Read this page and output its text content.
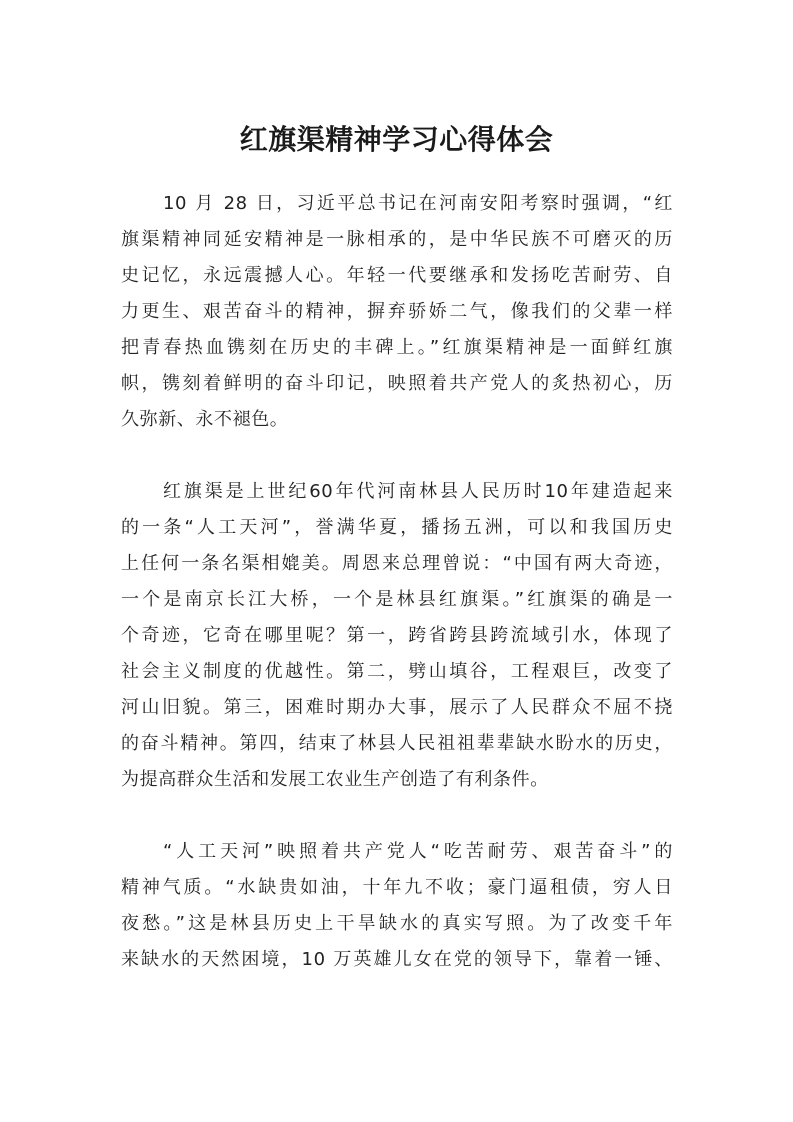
红旗渠精神学习心得体会
10 月 28 日，习近平总书记在河南安阳考察时强调，“红
旗渠精神同延安精神是一脉相承的，是中华民族不可磨灭的历
史记忆，永远震撼人心。年轻一代要继承和发扬吃苦耐劳、自
力更生、艰苦奋斗的精神，摒弃骄娇二气，像我们的父辈一样
把青春热血镌刻在历史的丰碑上。”红旗渠精神是一面鲜红旗
帜，镌刻着鲜明的奋斗印记，映照着共产党人的炙热初心，历
久弥新、永不褪色。
红旗渠是上世纪60年代河南林县人民历时10年建造起来
的一条“人工天河”，誉满华夏，播扬五洲，可以和我国历史
上任何一条名渠相媲美。周恩来总理曾说：“中国有两大奇迹，
一个是南京长江大桥，一个是林县红旗渠。”红旗渠的确是一
个奇迹，它奇在哪里呢？第一，跨省跨县跨流域引水，体现了
社会主义制度的优越性。第二，劈山填谷，工程艰巨，改变了
河山旧貌。第三，困难时期办大事，展示了人民群众不屈不挠
的奋斗精神。第四，结束了林县人民祖祖辈辈缺水盼水的历史，
为提高群众生活和发展工农业生产创造了有利条件。
“人工天河”映照着共产党人“吃苦耐劳、艰苦奋斗”的
精神气质。“水缺贵如油，十年九不收；豪门逼租债，穷人日
夜愁。”这是林县历史上干旱缺水的真实写照。为了改变千年
来缺水的天然困境，10 万英雄儿女在党的领导下，靠着一锤、
